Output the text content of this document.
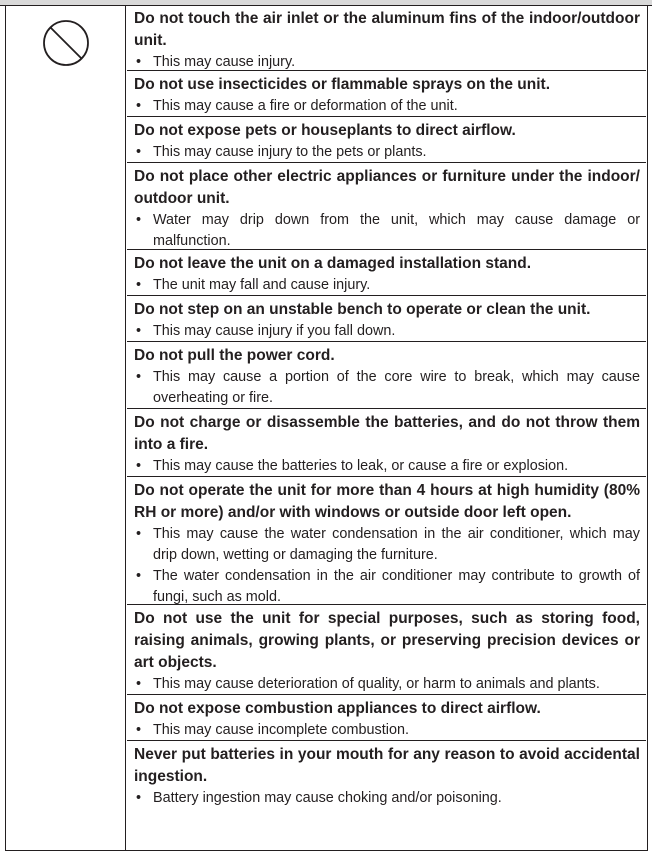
Do not touch the air inlet or the aluminum fins of the indoor/outdoor unit.
• This may cause injury.
Do not use insecticides or flammable sprays on the unit.
• This may cause a fire or deformation of the unit.
Do not expose pets or houseplants to direct airflow.
• This may cause injury to the pets or plants.
Do not place other electric appliances or furniture under the indoor/ outdoor unit.
• Water may drip down from the unit, which may cause damage or malfunction.
Do not leave the unit on a damaged installation stand.
• The unit may fall and cause injury.
Do not step on an unstable bench to operate or clean the unit.
• This may cause injury if you fall down.
Do not pull the power cord.
• This may cause a portion of the core wire to break, which may cause overheating or fire.
Do not charge or disassemble the batteries, and do not throw them into a fire.
• This may cause the batteries to leak, or cause a fire or explosion.
Do not operate the unit for more than 4 hours at high humidity (80% RH or more) and/or with windows or outside door left open.
• This may cause the water condensation in the air conditioner, which may drip down, wetting or damaging the furniture.
• The water condensation in the air conditioner may contribute to growth of fungi, such as mold.
Do not use the unit for special purposes, such as storing food, raising animals, growing plants, or preserving precision devices or art objects.
• This may cause deterioration of quality, or harm to animals and plants.
Do not expose combustion appliances to direct airflow.
• This may cause incomplete combustion.
Never put batteries in your mouth for any reason to avoid accidental ingestion.
• Battery ingestion may cause choking and/or poisoning.
